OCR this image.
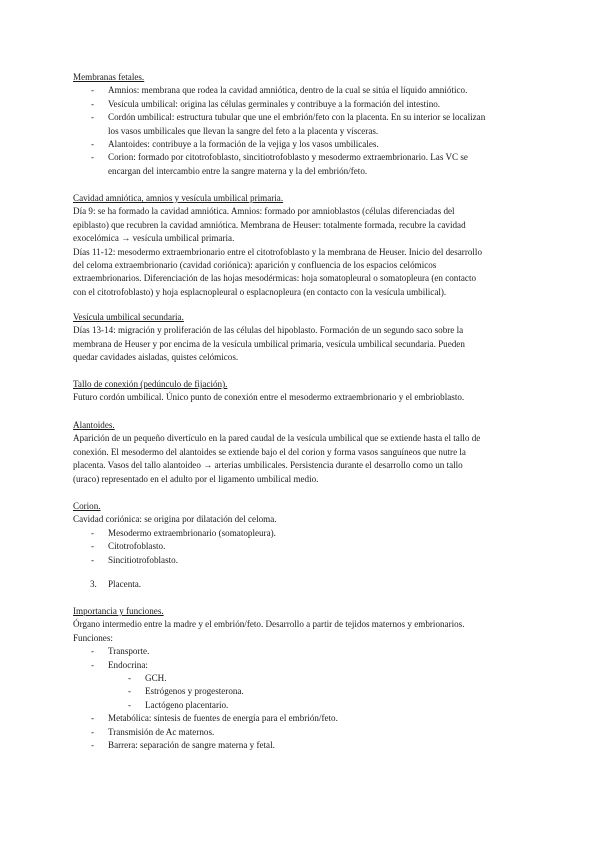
Membranas fetales.
- Amnios: membrana que rodea la cavidad amniótica, dentro de la cual se sitúa el líquido amniótico.
- Vesícula umbilical: origina las células germinales y contribuye a la formación del intestino.
- Cordón umbilical: estructura tubular que une el embrión/feto con la placenta. En su interior se localizan
los vasos umbilicales que llevan la sangre del feto a la placenta y vísceras.
- Alantoides: contribuye a la formación de la vejiga y los vasos umbilicales.
- Corion: formado por citotrofoblasto, sincitiotrofoblasto y mesodermo extraembrionario. Las VC se
encargan del intercambio entre la sangre materna y la del embrión/feto.
Cavidad amniótica, amnios y vesícula umbilical primaria.
Día 9: se ha formado la cavidad amniótica. Amnios: formado por amnioblastos (células diferenciadas del
epiblasto) que recubren la cavidad amniótica. Membrana de Heuser: totalmente formada, recubre la cavidad
exocelómica → vesícula umbilical primaria.
Días 11-12: mesodermo extraembrionario entre el citotrofoblasto y la membrana de Heuser. Inicio del desarrollo
del celoma extraembrionario (cavidad coriónica): aparición y confluencia de los espacios celómicos
extraembrionarios. Diferenciación de las hojas mesodérmicas: hoja somatopleural o somatopleura (en contacto
con el citotrofoblasto) y hoja esplacnopleural o esplacnopleura (en contacto con la vesícula umbilical).
Vesícula umbilical secundaria.
Días 13-14: migración y proliferación de las células del hipoblasto. Formación de un segundo saco sobre la
membrana de Heuser y por encima de la vesícula umbilical primaria, vesícula umbilical secundaria. Pueden
quedar cavidades aisladas, quistes celómicos.
Tallo de conexión (pedúnculo de fijación).
Futuro cordón umbilical. Único punto de conexión entre el mesodermo extraembrionario y el embrioblasto.
Alantoides.
Aparición de un pequeño divertículo en la pared caudal de la vesícula umbilical que se extiende hasta el tallo de
conexión. El mesodermo del alantoides se extiende bajo el del corion y forma vasos sanguíneos que nutre la
placenta. Vasos del tallo alantoideo → arterias umbilicales. Persistencia durante el desarrollo como un tallo
(uraco) representado en el adulto por el ligamento umbilical medio.
Corion.
Cavidad coriónica: se origina por dilatación del celoma.
- Mesodermo extraembrionario (somatopleura).
- Citotrofoblasto.
- Sincitiotrofoblasto.
3. Placenta.
Importancia y funciones.
Órgano intermedio entre la madre y el embrión/feto. Desarrollo a partir de tejidos maternos y embrionarios.
Funciones:
- Transporte.
- Endocrina:
- GCH.
- Estrógenos y progesterona.
- Lactógeno placentario.
- Metabólica: síntesis de fuentes de energía para el embrión/feto.
- Transmisión de Ac maternos.
- Barrera: separación de sangre materna y fetal.
